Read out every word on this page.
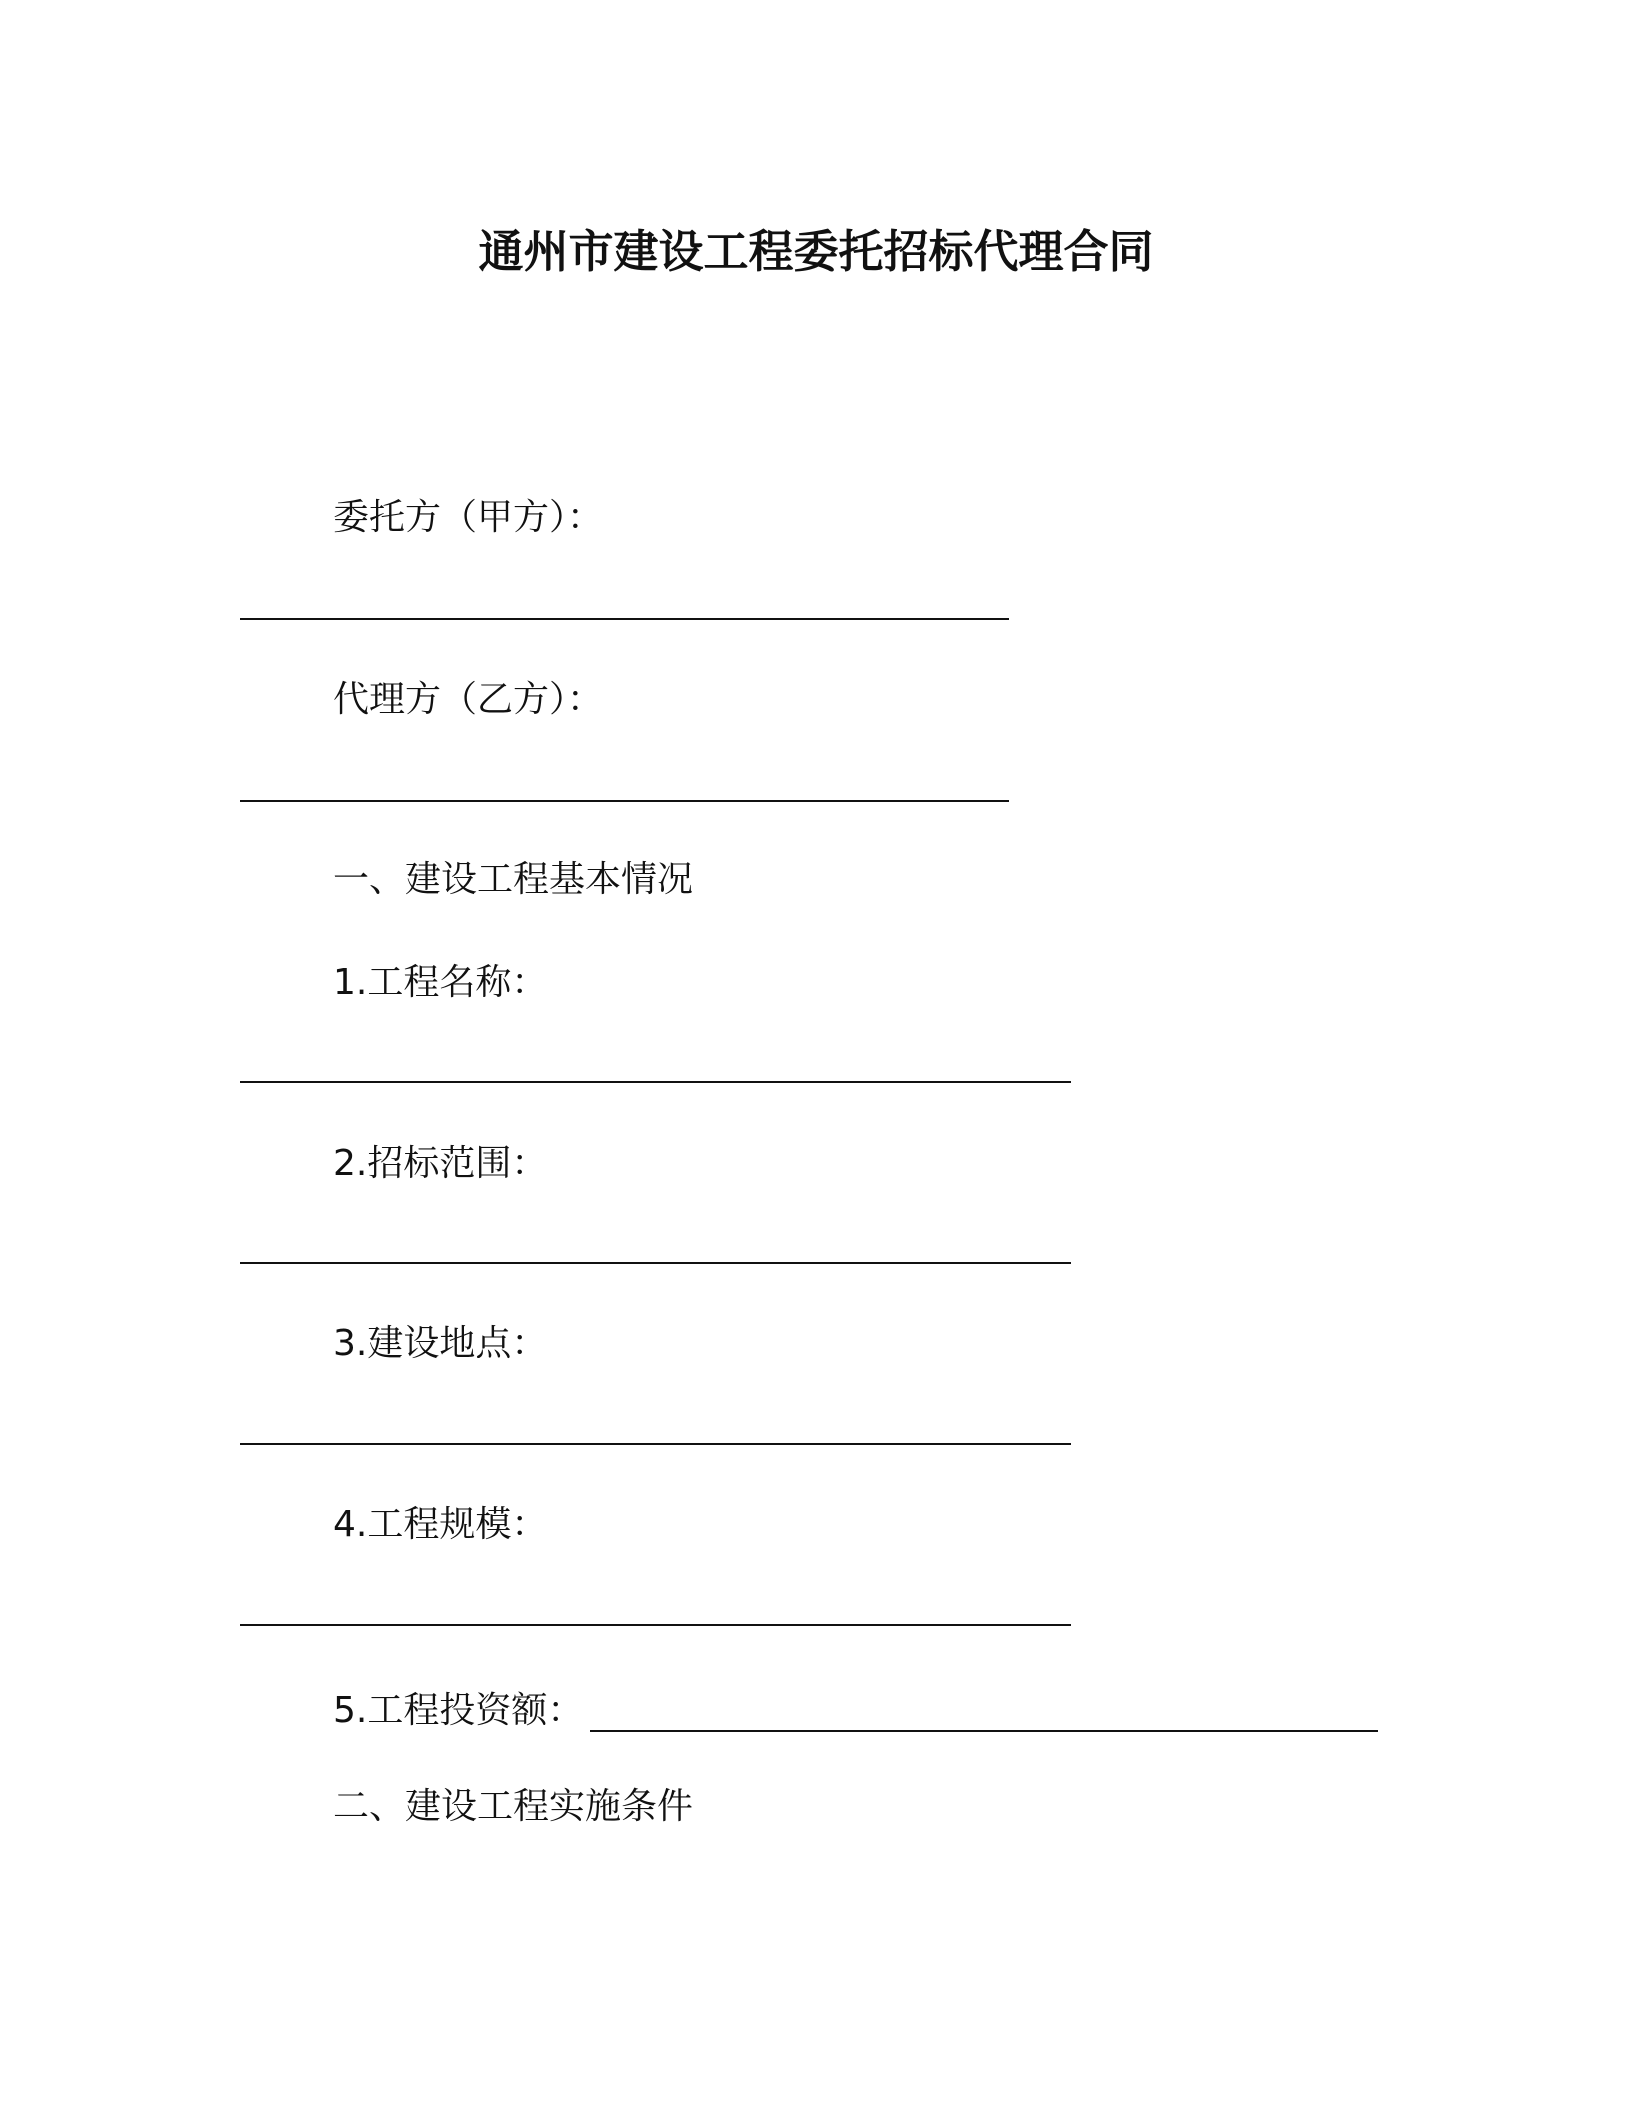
通州市建设工程委托招标代理合同
委托方（甲方）：
代理方（乙方）：
一、建设工程基本情况
1.工程名称：
2.招标范围：
3.建设地点：
4.工程规模：
5.工程投资额：
二、建设工程实施条件
